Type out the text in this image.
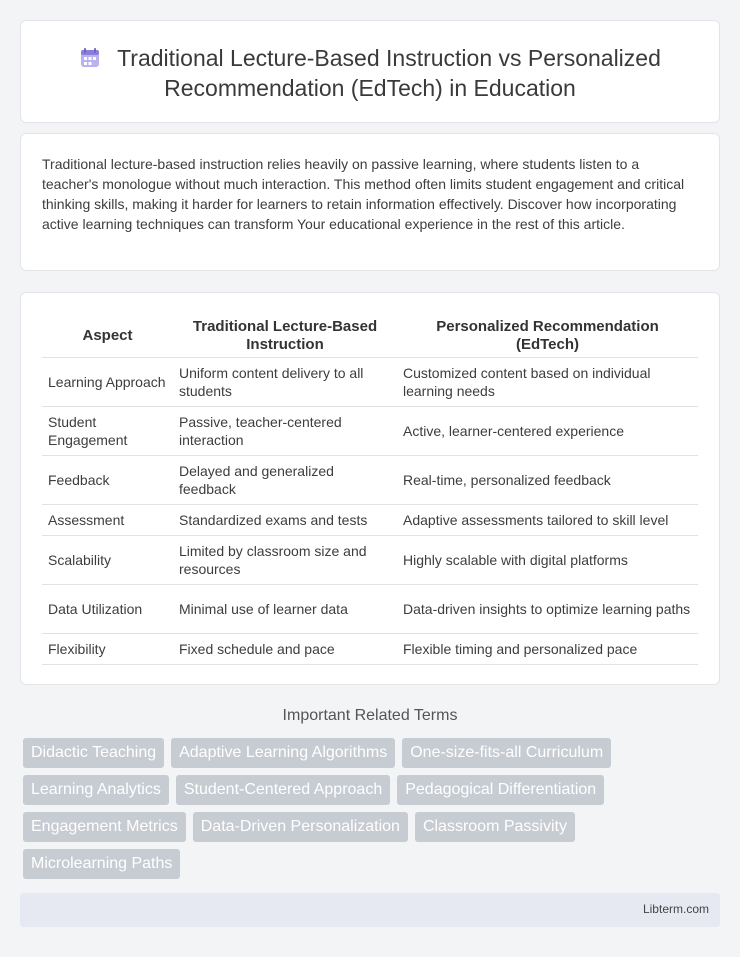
Traditional Lecture-Based Instruction vs Personalized Recommendation (EdTech) in Education

Traditional lecture-based instruction relies heavily on passive learning, where students listen to a teacher's monologue without much interaction. This method often limits student engagement and critical thinking skills, making it harder for learners to retain information effectively. Discover how incorporating active learning techniques can transform Your educational experience in the rest of this article.

Aspect	Traditional Lecture-Based Instruction	Personalized Recommendation (EdTech)
Learning Approach	Uniform content delivery to all students	Customized content based on individual learning needs
Student Engagement	Passive, teacher-centered interaction	Active, learner-centered experience
Feedback	Delayed and generalized feedback	Real-time, personalized feedback
Assessment	Standardized exams and tests	Adaptive assessments tailored to skill level
Scalability	Limited by classroom size and resources	Highly scalable with digital platforms
Data Utilization	Minimal use of learner data	Data-driven insights to optimize learning paths
Flexibility	Fixed schedule and pace	Flexible timing and personalized pace
Important Related Terms
Didactic Teaching	Adaptive Learning Algorithms	One-size-fits-all Curriculum
Learning Analytics	Student-Centered Approach	Pedagogical Differentiation
Engagement Metrics	Data-Driven Personalization	Classroom Passivity
Microlearning Paths
Libterm.com
